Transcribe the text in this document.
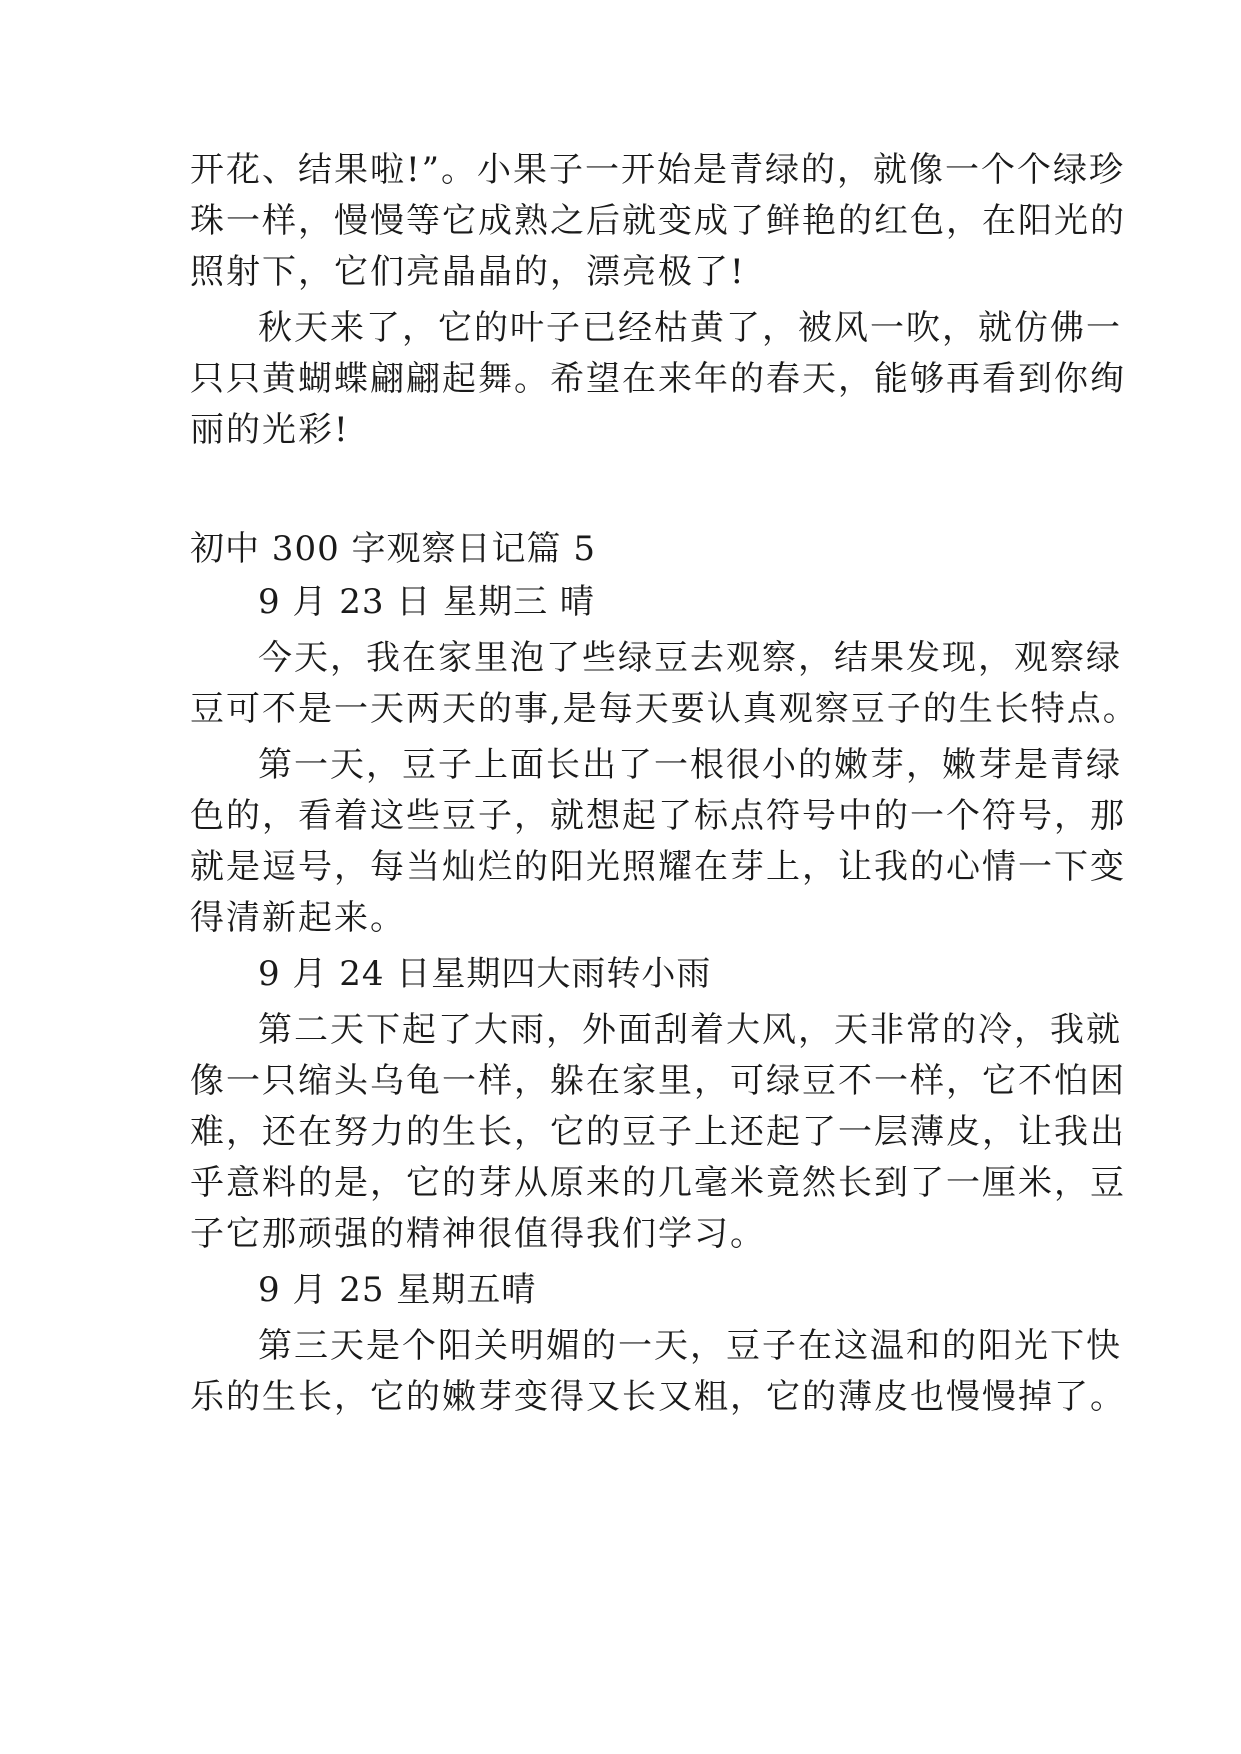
开花、结果啦!”。小果子一开始是青绿的，就像一个个绿珍
珠一样，慢慢等它成熟之后就变成了鲜艳的红色，在阳光的
照射下，它们亮晶晶的，漂亮极了!
秋天来了，它的叶子已经枯黄了，被风一吹，就仿佛一
只只黄蝴蝶翩翩起舞。希望在来年的春天，能够再看到你绚
丽的光彩!
初中 300 字观察日记篇 5
9 月 23 日 星期三 晴
今天，我在家里泡了些绿豆去观察，结果发现，观察绿
豆可不是一天两天的事,是每天要认真观察豆子的生长特点。
第一天，豆子上面长出了一根很小的嫩芽，嫩芽是青绿
色的，看着这些豆子，就想起了标点符号中的一个符号，那
就是逗号，每当灿烂的阳光照耀在芽上，让我的心情一下变
得清新起来。
9 月 24 日星期四大雨转小雨
第二天下起了大雨，外面刮着大风，天非常的冷，我就
像一只缩头乌龟一样，躲在家里，可绿豆不一样，它不怕困
难，还在努力的生长，它的豆子上还起了一层薄皮，让我出
乎意料的是，它的芽从原来的几毫米竟然长到了一厘米，豆
子它那顽强的精神很值得我们学习。
9 月 25 星期五晴
第三天是个阳关明媚的一天，豆子在这温和的阳光下快
乐的生长，它的嫩芽变得又长又粗，它的薄皮也慢慢掉了。
